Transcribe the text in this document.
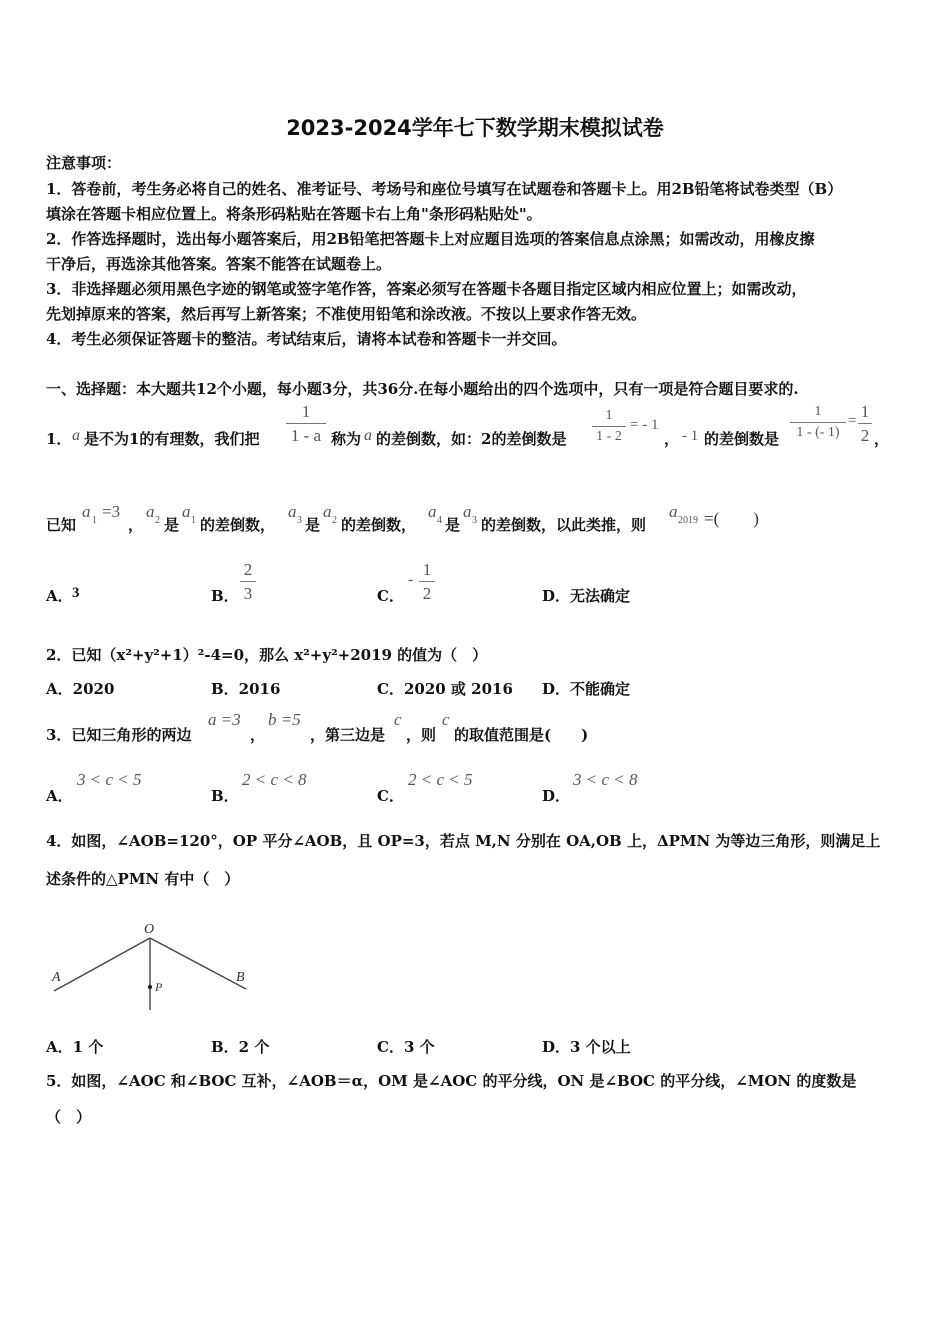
2023-2024学年七下数学期末模拟试卷
注意事项：
1．答卷前，考生务必将自己的姓名、准考证号、考场号和座位号填写在试题卷和答题卡上。用2B铅笔将试卷类型（B）
填涂在答题卡相应位置上。将条形码粘贴在答题卡右上角"条形码粘贴处"。
2．作答选择题时，选出每小题答案后，用2B铅笔把答题卡上对应题目选项的答案信息点涂黑；如需改动，用橡皮擦
干净后，再选涂其他答案。答案不能答在试题卷上。
3．非选择题必须用黑色字迹的钢笔或签字笔作答，答案必须写在答题卡各题目指定区域内相应位置上；如需改动，
先划掉原来的答案，然后再写上新答案；不准使用铅笔和涂改液。不按以上要求作答无效。
4．考生必须保证答题卡的整洁。考试结束后，请将本试卷和答题卡一并交回。
一、选择题：本大题共12个小题，每小题3分，共36分.在每小题给出的四个选项中，只有一项是符合题目要求的.
1． a 是不为1的有理数，我们把
1
1 - a 称为 a 的差倒数，如：2的差倒数是
1
1 - 2
= - 1
， - 1 的差倒数是
1
1 - (- 1)
= 1
2 ，
已知
a 1 =3
，
a 2 是
a 1 的差倒数，
a 3 是
a 2 的差倒数，
a 4 是
a 3 的差倒数，以此类推，则
a 2019 =(　　)
A． 3	B．
2
3	C．
-
1
2	D． 无法确定
2．已知（x²+y²+1）²-4=0，那么 x²+y²+2019 的值为（　）
A．2020	B．2016	C．2020 或 2016 D．不能确定
3．已知三角形的两边
a =3
，
b =5
，第三边是
c
，则
c
的取值范围是(　　)
A．
3 < c < 5
B．
2 < c < 8
C．
2 < c < 5
D．
3 < c < 8
4．如图，∠AOB=120°，OP 平分∠AOB，且 OP=3，若点 M,N 分别在 OA,OB 上，ΔPMN 为等边三角形，则满足上
述条件的△PMN 有中（　）
O
A	B
P
A．1 个	B．2 个	C．3 个	D．3 个以上
5．如图，∠AOC 和∠BOC 互补，∠AOB＝α，OM 是∠AOC 的平分线，ON 是∠BOC 的平分线，∠MON 的度数是
（　）
